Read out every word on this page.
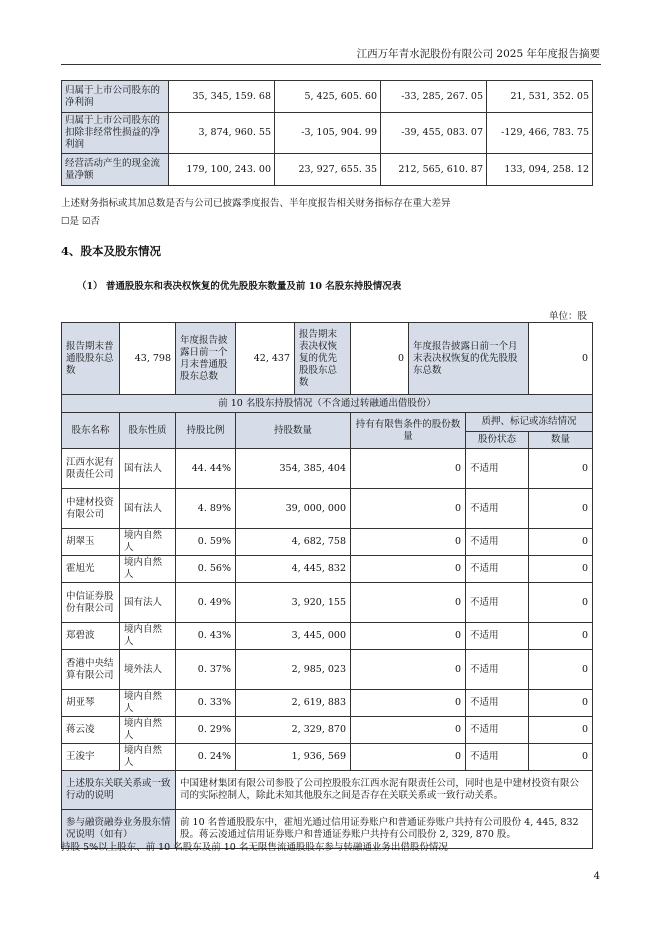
江西万年青水泥股份有限公司 2025 年年度报告摘要
归属于上市公司股东的净利润	35, 345, 159. 68	5, 425, 605. 60	-33, 285, 267. 05	21, 531, 352. 05
归属于上市公司股东的扣除非经常性损益的净利润	3, 874, 960. 55	-3, 105, 904. 99	-39, 455, 083. 07	-129, 466, 783. 75
经营活动产生的现金流量净额	179, 100, 243. 00	23, 927, 655. 35	212, 565, 610. 87	133, 094, 258. 12
上述财务指标或其加总数是否与公司已披露季度报告、半年度报告相关财务指标存在重大差异
☐是 ☑否
4、股本及股东情况
（1） 普通股股东和表决权恢复的优先股股东数量及前 10 名股东持股情况表
单位：股
报告期末普通股股东总数	43, 798	年度报告披露日前一个月末普通股股东总数	42, 437	报告期末表决权恢复的优先股股东总数	0	年度报告披露日前一个月末表决权恢复的优先股股东总数		0
前 10 名股东持股情况（不含通过转融通出借股份）								
股东名称	股东性质	持股比例	持股数量		持有有限售条件的股份数量		质押、标记或冻结情况	
							股份状态	数量
江西水泥有限责任公司	国有法人	44. 44%	354, 385, 404		0		不适用	0
中建材投资有限公司	国有法人	4. 89%	39, 000, 000		0		不适用	0
胡翠玉	境内自然人	0. 59%	4, 682, 758		0		不适用	0
霍旭光	境内自然人	0. 56%	4, 445, 832		0		不适用	0
中信证券股份有限公司	国有法人	0. 49%	3, 920, 155		0		不适用	0
郑碧波	境内自然人	0. 43%	3, 445, 000		0		不适用	0
香港中央结算有限公司	境外法人	0. 37%	2, 985, 023		0		不适用	0
胡亚琴	境内自然人	0. 33%	2, 619, 883		0		不适用	0
蒋云凌	境内自然人	0. 29%	2, 329, 870		0		不适用	0
王浚宇	境内自然人	0. 24%	1, 936, 569		0		不适用	0
上述股东关联关系或一致行动的说明		中国建材集团有限公司参股了公司控股股东江西水泥有限责任公司，同时也是中建材投资有限公司的实际控制人，除此未知其他股东之间是否存在关联关系或一致行动关系。						
参与融资融券业务股东情况说明（如有）		前 10 名普通股股东中，霍旭光通过信用证券账户和普通证券账户共持有公司股份 4, 445, 832 股。蒋云凌通过信用证券账户和普通证券账户共持有公司股份 2, 329, 870 股。						
持股 5%以上股东、前 10 名股东及前 10 名无限售流通股股东参与转融通业务出借股份情况
4
